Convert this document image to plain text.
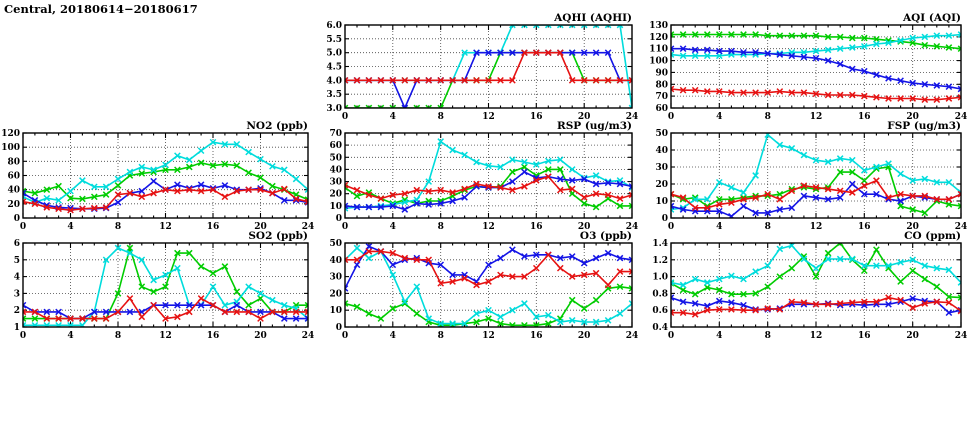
Central, 20180614−20180617
3.0
3.5
4.0
4.5
5.0
5.5
6.0
0	4	8	12	16	20	24
AQHI (AQHI)
60
70
80
90
100
110
120
130
0	4	8	12	16	20	24
AQI (AQI)
0
20
40
60
80
100
120
0	4	8	12	16	20	24
NO2 (ppb)
0
10
20
30
40
50
60
70
0	4	8	12	16	20	24
RSP (ug/m3)
0
10
20
30
40
50
0	4	8	12	16	20	24
FSP (ug/m3)
1
2
3
4
5
6
0	4	8	12	16	20	24
SO2 (ppb)
0
10
20
30
40
50
0	4	8	12	16	20	24
O3 (ppb)
0.4
0.6
0.8
1.0
1.2
1.4
0	4	8	12	16	20	24
CO (ppm)
